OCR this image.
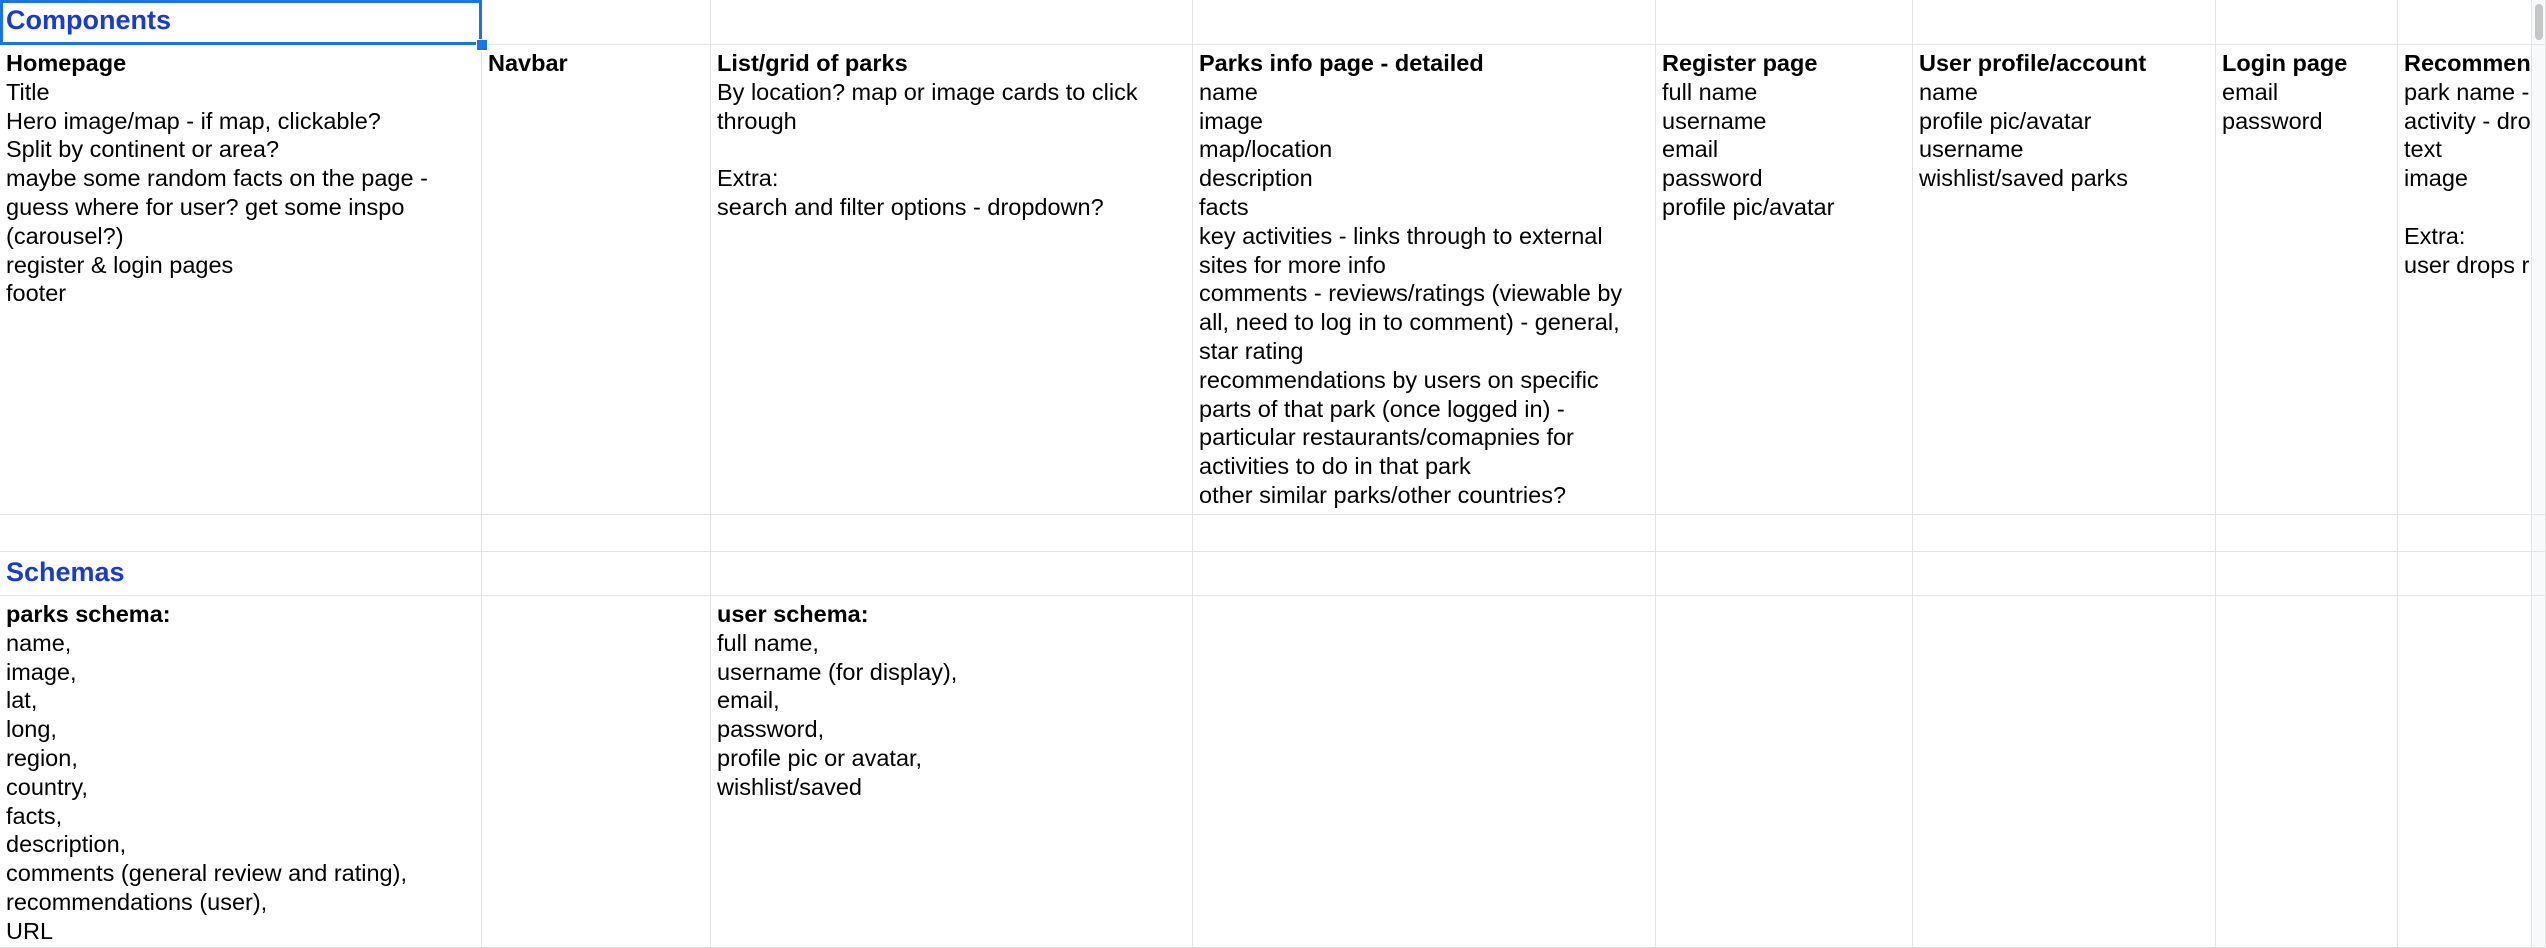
Components
Homepage
Title
Hero image/map - if map, clickable?
Split by continent or area?
maybe some random facts on the page -
guess where for user? get some inspo
(carousel?)
register & login pages
footer
Navbar	List/grid of parks
By location? map or image cards to click
through
Extra:
search and filter options - dropdown?
Parks info page - detailed
name
image
map/location
description
facts
key activities - links through to external
sites for more info
comments - reviews/ratings (viewable by
all, need to log in to comment) - general,
star rating
recommendations by users on specific
parts of that park (once logged in) -
particular restaurants/comapnies for
activities to do in that park
other similar parks/other countries?
Register page
full name
username
email
password
profile pic/avatar
User profile/account
name
profile pic/avatar
username
wishlist/saved parks
Login page
email
password
Recommen
park name -
activity - dro
text
image
Extra:
user drops r
Schemas
parks schema:
name,
image,
lat,
long,
region,
country,
facts,
description,
comments (general review and rating),
recommendations (user),
URL
user schema:
full name,
username (for display),
email,
password,
profile pic or avatar,
wishlist/saved
